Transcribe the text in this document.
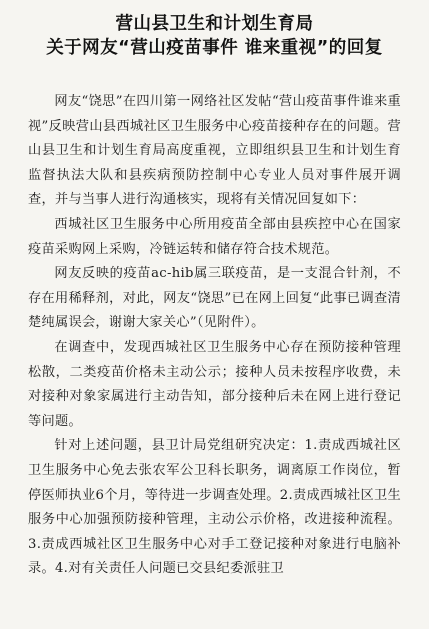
营山县卫生和计划生育局
关于网友“营山疫苗事件 谁来重视”的回复

网友“饶思”在四川第一网络社区发帖“营山疫苗事件谁来重视”反映营山县西城社区卫生服务中心疫苗接种存在的问题。营山县卫生和计划生育局高度重视，立即组织县卫生和计划生育监督执法大队和县疾病预防控制中心专业人员对事件展开调查，并与当事人进行沟通核实，现将有关情况回复如下：

西城社区卫生服务中心所用疫苗全部由县疾控中心在国家疫苗采购网上采购，冷链运转和储存符合技术规范。

网友反映的疫苗ac-hib属三联疫苗，是一支混合针剂，不存在用稀释剂，对此，网友“饶思”已在网上回复“此事已调查清楚纯属误会，谢谢大家关心”（见附件）。

在调查中，发现西城社区卫生服务中心存在预防接种管理松散，二类疫苗价格未主动公示；接种人员未按程序收费，未对接种对象家属进行主动告知，部分接种后未在网上进行登记等问题。

针对上述问题，县卫计局党组研究决定：1.责成西城社区卫生服务中心免去张农军公卫科长职务，调离原工作岗位，暂停医师执业6个月，等待进一步调查处理。2.责成西城社区卫生服务中心加强预防接种管理，主动公示价格，改进接种流程。3.责成西城社区卫生服务中心对手工登记接种对象进行电脑补录。4.对有关责任人问题已交县纪委派驻卫
